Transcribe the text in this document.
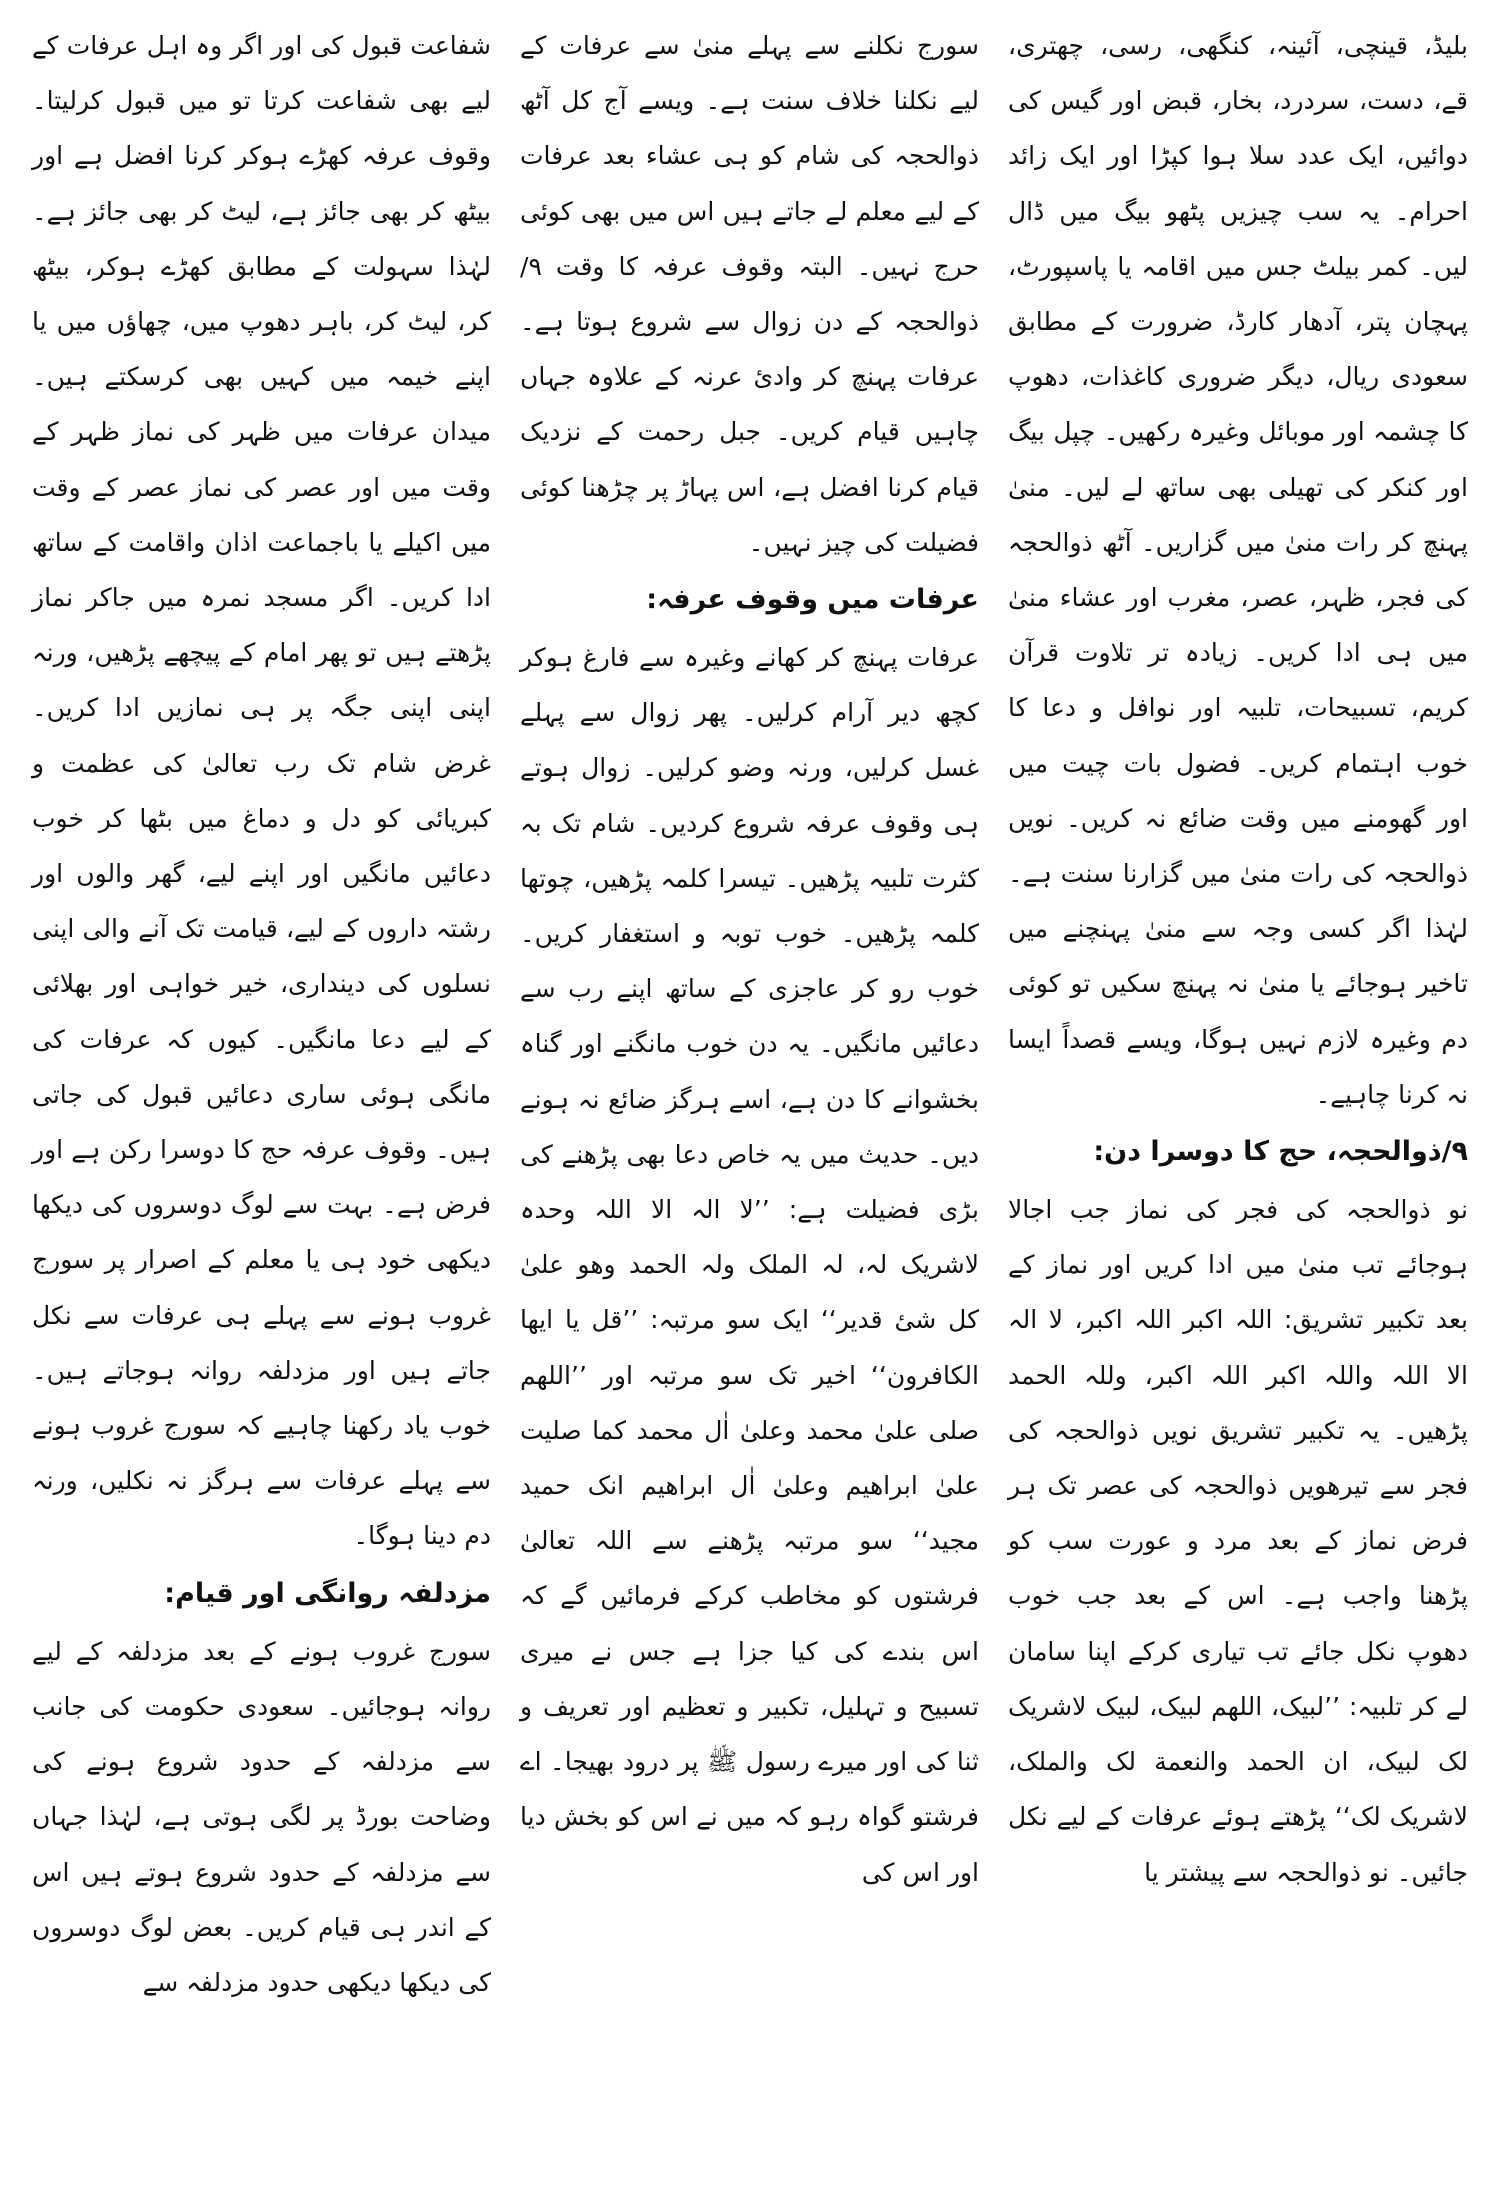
بلیڈ، قینچی، آئینہ، کنگھی، رسی، چھتری، قے، دست، سردرد، بخار، قبض اور گیس کی دوائیں، ایک عدد سلا ہوا کپڑا اور ایک زائد احرام۔ یہ سب چیزیں پٹھو بیگ میں ڈال لیں۔ کمر بیلٹ جس میں اقامہ یا پاسپورٹ، پہچان پتر، آدھار کارڈ، ضرورت کے مطابق سعودی ریال، دیگر ضروری کاغذات، دھوپ کا چشمہ اور موبائل وغیرہ رکھیں۔ چپل بیگ اور کنکر کی تھیلی بھی ساتھ لے لیں۔ منیٰ پہنچ کر رات منیٰ میں گزاریں۔ آٹھ ذوالحجہ کی فجر، ظہر، عصر، مغرب اور عشاء منیٰ میں ہی ادا کریں۔ زیادہ تر تلاوت قرآن کریم، تسبیحات، تلبیہ اور نوافل و دعا کا خوب اہتمام کریں۔ فضول بات چیت میں اور گھومنے میں وقت ضائع نہ کریں۔ نویں ذوالحجہ کی رات منیٰ میں گزارنا سنت ہے۔ لہٰذا اگر کسی وجہ سے منیٰ پہنچنے میں تاخیر ہوجائے یا منیٰ نہ پہنچ سکیں تو کوئی دم وغیرہ لازم نہیں ہوگا، ویسے قصداً ایسا نہ کرنا چاہیے۔

۹/ذوالحجہ، حج کا دوسرا دن:

نو ذوالحجہ کی فجر کی نماز جب اجالا ہوجائے تب منیٰ میں ادا کریں اور نماز کے بعد تکبیر تشریق: اللہ اکبر اللہ اکبر، لا الہ الا اللہ واللہ اکبر اللہ اکبر، وللہ الحمد پڑھیں۔ یہ تکبیر تشریق نویں ذوالحجہ کی فجر سے تیرھویں ذوالحجہ کی عصر تک ہر فرض نماز کے بعد مرد و عورت سب کو پڑھنا واجب ہے۔ اس کے بعد جب خوب دھوپ نکل جائے تب تیاری کرکے اپنا سامان لے کر تلبیہ: ’’لبیک، اللھم لبیک، لبیک لاشریک لک لبیک، ان الحمد والنعمة لک والملک، لاشریک لک‘‘ پڑھتے ہوئے عرفات کے لیے نکل جائیں۔ نو ذوالحجہ سے پیشتر یا

سورج نکلنے سے پہلے منیٰ سے عرفات کے لیے نکلنا خلاف سنت ہے۔ ویسے آج کل آٹھ ذوالحجہ کی شام کو ہی عشاء بعد عرفات کے لیے معلم لے جاتے ہیں اس میں بھی کوئی حرج نہیں۔ البتہ وقوف عرفہ کا وقت ۹/ذوالحجہ کے دن زوال سے شروع ہوتا ہے۔ عرفات پہنچ کر وادیٔ عرنہ کے علاوہ جہاں چاہیں قیام کریں۔ جبل رحمت کے نزدیک قیام کرنا افضل ہے، اس پہاڑ پر چڑھنا کوئی فضیلت کی چیز نہیں۔

عرفات میں وقوف عرفہ:

عرفات پہنچ کر کھانے وغیرہ سے فارغ ہوکر کچھ دیر آرام کرلیں۔ پھر زوال سے پہلے غسل کرلیں، ورنہ وضو کرلیں۔ زوال ہوتے ہی وقوف عرفہ شروع کردیں۔ شام تک بہ کثرت تلبیہ پڑھیں۔ تیسرا کلمہ پڑھیں، چوتھا کلمہ پڑھیں۔ خوب توبہ و استغفار کریں۔ خوب رو کر عاجزی کے ساتھ اپنے رب سے دعائیں مانگیں۔ یہ دن خوب مانگنے اور گناہ بخشوانے کا دن ہے، اسے ہرگز ضائع نہ ہونے دیں۔ حدیث میں یہ خاص دعا بھی پڑھنے کی بڑی فضیلت ہے: ’’لا الہ الا اللہ وحدہ لاشریک لہ، لہ الملک ولہ الحمد وھو علیٰ کل شیٔ قدیر‘‘ ایک سو مرتبہ: ’’قل یا ایھا الکافرون‘‘ اخیر تک سو مرتبہ اور ’’اللھم صلی علیٰ محمد وعلیٰ اٰل محمد کما صلیت علیٰ ابراھیم وعلیٰ اٰل ابراھیم انک حمید مجید‘‘ سو مرتبہ پڑھنے سے اللہ تعالیٰ فرشتوں کو مخاطب کرکے فرمائیں گے کہ اس بندے کی کیا جزا ہے جس نے میری تسبیح و تہلیل، تکبیر و تعظیم اور تعریف و ثنا کی اور میرے رسول ﷺ پر درود بھیجا۔ اے فرشتو گواہ رہو کہ میں نے اس کو بخش دیا اور اس کی

شفاعت قبول کی اور اگر وہ اہل عرفات کے لیے بھی شفاعت کرتا تو میں قبول کرلیتا۔ وقوف عرفہ کھڑے ہوکر کرنا افضل ہے اور بیٹھ کر بھی جائز ہے، لیٹ کر بھی جائز ہے۔ لہٰذا سہولت کے مطابق کھڑے ہوکر، بیٹھ کر، لیٹ کر، باہر دھوپ میں، چھاؤں میں یا اپنے خیمہ میں کہیں بھی کرسکتے ہیں۔ میدان عرفات میں ظہر کی نماز ظہر کے وقت میں اور عصر کی نماز عصر کے وقت میں اکیلے یا باجماعت اذان واقامت کے ساتھ ادا کریں۔ اگر مسجد نمرہ میں جاکر نماز پڑھتے ہیں تو پھر امام کے پیچھے پڑھیں، ورنہ اپنی اپنی جگہ پر ہی نمازیں ادا کریں۔ غرض شام تک رب تعالیٰ کی عظمت و کبریائی کو دل و دماغ میں بٹھا کر خوب دعائیں مانگیں اور اپنے لیے، گھر والوں اور رشتہ داروں کے لیے، قیامت تک آنے والی اپنی نسلوں کی دینداری، خیر خواہی اور بھلائی کے لیے دعا مانگیں۔ کیوں کہ عرفات کی مانگی ہوئی ساری دعائیں قبول کی جاتی ہیں۔ وقوف عرفہ حج کا دوسرا رکن ہے اور فرض ہے۔ بہت سے لوگ دوسروں کی دیکھا دیکھی خود ہی یا معلم کے اصرار پر سورج غروب ہونے سے پہلے ہی عرفات سے نکل جاتے ہیں اور مزدلفہ روانہ ہوجاتے ہیں۔ خوب یاد رکھنا چاہیے کہ سورج غروب ہونے سے پہلے عرفات سے ہرگز نہ نکلیں، ورنہ دم دینا ہوگا۔

مزدلفہ روانگی اور قیام:

سورج غروب ہونے کے بعد مزدلفہ کے لیے روانہ ہوجائیں۔ سعودی حکومت کی جانب سے مزدلفہ کے حدود شروع ہونے کی وضاحت بورڈ پر لگی ہوتی ہے، لہٰذا جہاں سے مزدلفہ کے حدود شروع ہوتے ہیں اس کے اندر ہی قیام کریں۔ بعض لوگ دوسروں کی دیکھا دیکھی حدود مزدلفہ سے
